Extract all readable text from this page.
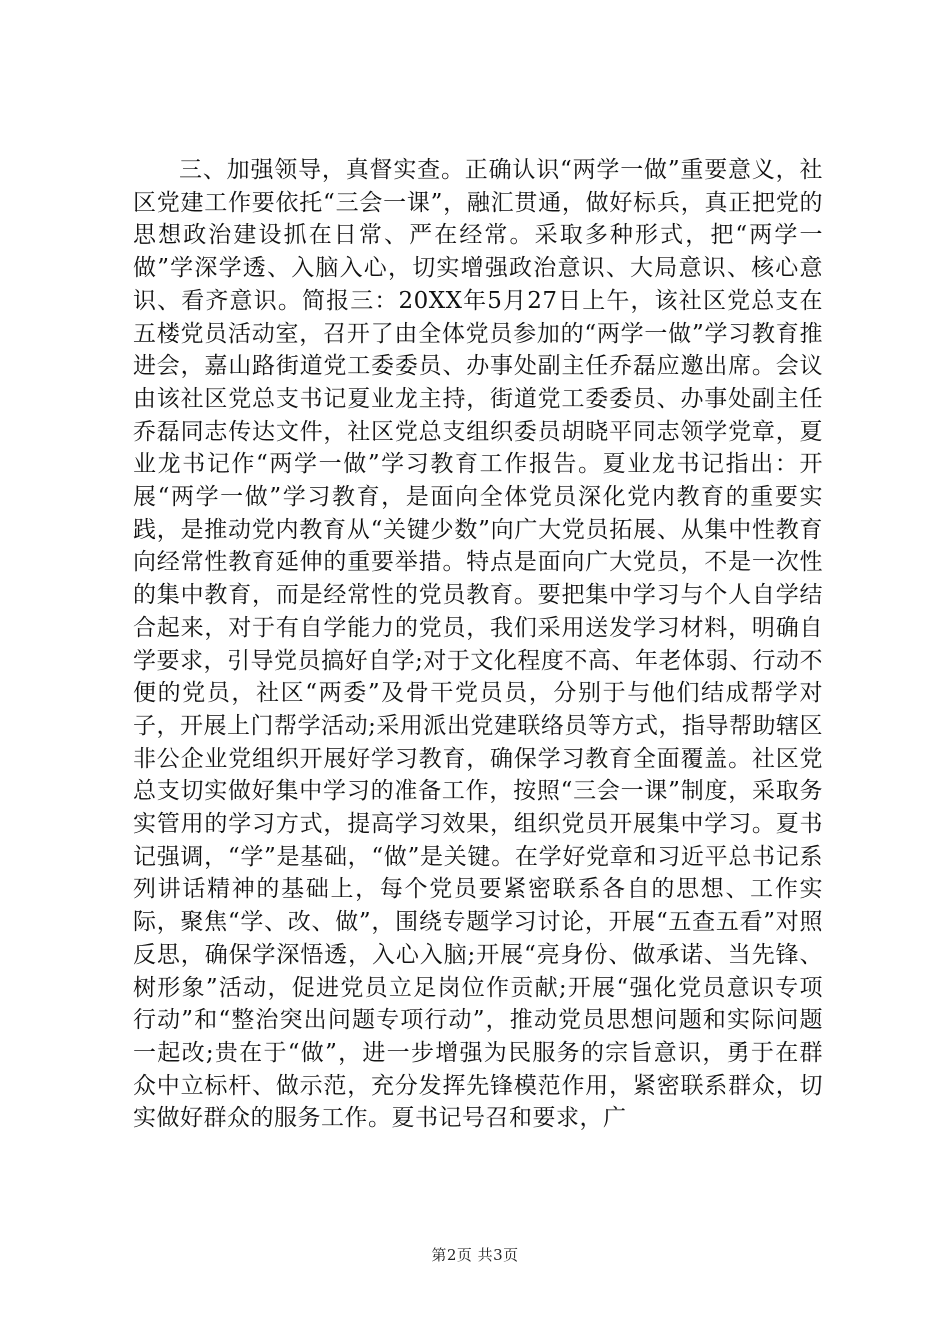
三、加强领导，真督实查。正确认识“两学一做”重要意义，社区党建工作要依托“三会一课”，融汇贯通，做好标兵，真正把党的思想政治建设抓在日常、严在经常。采取多种形式，把“两学一做”学深学透、入脑入心，切实增强政治意识、大局意识、核心意识、看齐意识。简报三：20XX年5月27日上午，该社区党总支在五楼党员活动室，召开了由全体党员参加的“两学一做”学习教育推进会，嘉山路街道党工委委员、办事处副主任乔磊应邀出席。会议由该社区党总支书记夏业龙主持，街道党工委委员、办事处副主任乔磊同志传达文件，社区党总支组织委员胡晓平同志领学党章，夏业龙书记作“两学一做”学习教育工作报告。夏业龙书记指出：开展“两学一做”学习教育，是面向全体党员深化党内教育的重要实践，是推动党内教育从“关键少数”向广大党员拓展、从集中性教育向经常性教育延伸的重要举措。特点是面向广大党员，不是一次性的集中教育，而是经常性的党员教育。要把集中学习与个人自学结合起来，对于有自学能力的党员，我们采用送发学习材料，明确自学要求，引导党员搞好自学;对于文化程度不高、年老体弱、行动不便的党员，社区“两委”及骨干党员员，分别于与他们结成帮学对子，开展上门帮学活动;采用派出党建联络员等方式，指导帮助辖区非公企业党组织开展好学习教育，确保学习教育全面覆盖。社区党总支切实做好集中学习的准备工作，按照“三会一课”制度，采取务实管用的学习方式，提高学习效果，组织党员开展集中学习。夏书记强调，“学”是基础，“做”是关键。在学好党章和习近平总书记系列讲话精神的基础上，每个党员要紧密联系各自的思想、工作实际，聚焦“学、改、做”，围绕专题学习讨论，开展“五查五看”对照反思，确保学深悟透，入心入脑;开展“亮身份、做承诺、当先锋、树形象”活动，促进党员立足岗位作贡献;开展“强化党员意识专项行动”和“整治突出问题专项行动”，推动党员思想问题和实际问题一起改;贵在于“做”，进一步增强为民服务的宗旨意识，勇于在群众中立标杆、做示范，充分发挥先锋模范作用，紧密联系群众，切实做好群众的服务工作。夏书记号召和要求，广

第2页 共3页
